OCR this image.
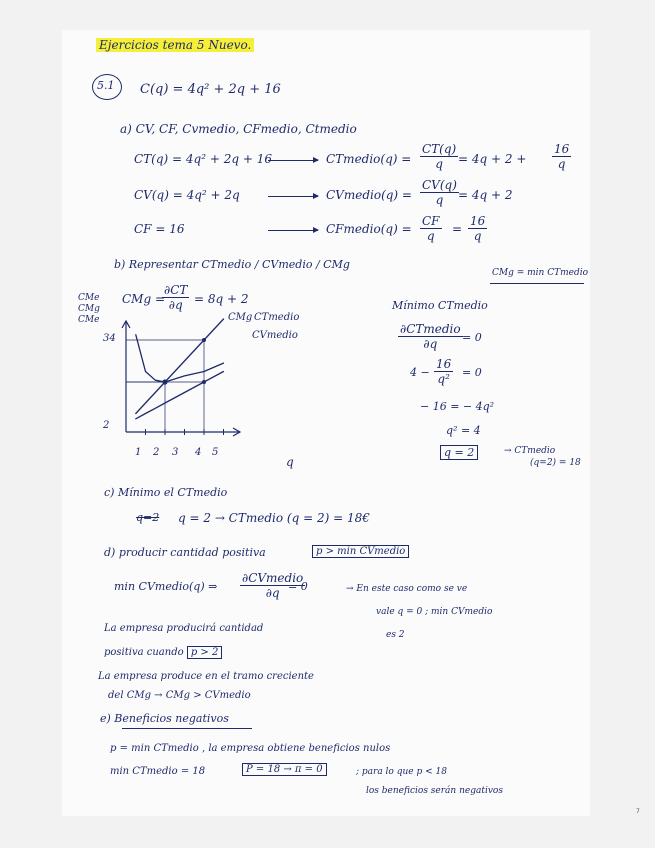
Ejercicios tema 5 Nuevo.
5.1 C(q) = 4q² + 2q + 16
a) CV, CF, Cvmedio, CFmedio, Ctmedio
CT(q) = 4q² + 2q + 16	CTmedio(q) = $\frac{CT(q)}{q} = 4q + 2 + \frac{16}{q}$
CV(q) = 4q² + 2q	CVmedio(q) = $\frac{CV(q)}{q} = 4q + 2$
CF = 16	CFmedio(q) = $\frac{CF}{q} = \frac{16}{q}$
b) Representar CTmedio / CVmedio / CMg
CMg = min CTmedio
CMg =
$\frac{\partial CT}{\partial q} = 8q + 2$
CMe
CMg
CMe	CMg CTmedio
CVmedio
34
2
1 2 3 4 5
q
Mínimo CTmedio
∂CTmedio
∂q = 0
$4 - \frac{16}{\text{q²}} = 0$
− 16 = − 4q²
q² = 4
q = 2	→ CTmedio
(q=2) = 18
c) Mínimo el CTmedio
q=2 q = 2 → CTmedio (q = 2) = 18€
d) producir cantidad positiva	p > min CVmedio
min CVmedio(q) ⇒
∂CVmedio
∂q = 0	→ En este caso como se ve
vale q = 0 ; min CVmedio
es 2
La empresa producirá cantidad
positiva cuando p > 2
La empresa produce en el tramo creciente
del CMg → CMg > CVmedio
e) Beneficios negativos
p = min CTmedio , la empresa obtiene beneficios nulos
min CTmedio = 18	P = 18 → π = 0	; para lo que p < 18
los beneficios serán negativos
7
